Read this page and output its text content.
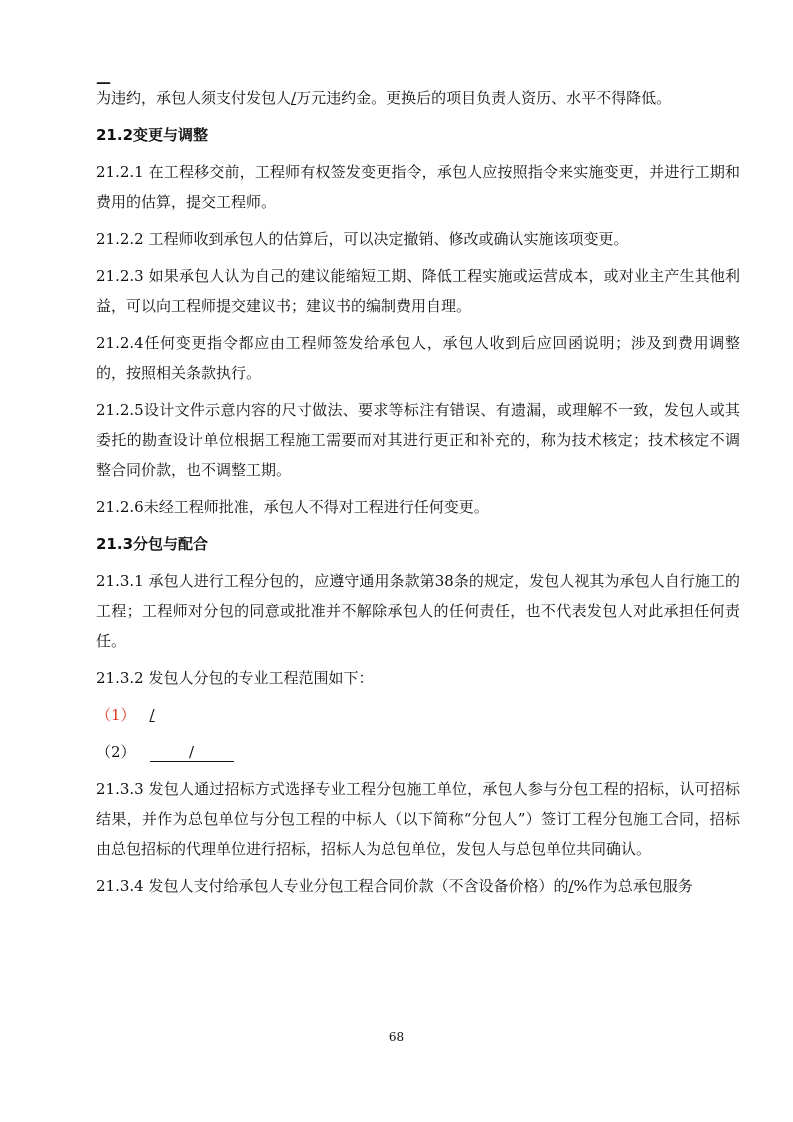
—

为违约，承包人须支付发包人/万元违约金。更换后的项目负责人资历、水平不得降低。

21.2变更与调整

21.2.1 在工程移交前，工程师有权签发变更指令，承包人应按照指令来实施变更，并进行工期和费用的估算，提交工程师。

21.2.2 工程师收到承包人的估算后，可以决定撤销、修改或确认实施该项变更。

21.2.3 如果承包人认为自己的建议能缩短工期、降低工程实施或运营成本，或对业主产生其他利益，可以向工程师提交建议书；建议书的编制费用自理。

21.2.4任何变更指令都应由工程师签发给承包人，承包人收到后应回函说明；涉及到费用调整的，按照相关条款执行。

21.2.5设计文件示意内容的尺寸做法、要求等标注有错误、有遗漏，或理解不一致，发包人或其委托的勘查设计单位根据工程施工需要而对其进行更正和补充的，称为技术核定；技术核定不调整合同价款，也不调整工期。

21.2.6未经工程师批准，承包人不得对工程进行任何变更。

21.3分包与配合

21.3.1 承包人进行工程分包的，应遵守通用条款第38条的规定，发包人视其为承包人自行施工的工程；工程师对分包的同意或批准并不解除承包人的任何责任，也不代表发包人对此承担任何责任。

21.3.2 发包人分包的专业工程范围如下：

（1） /

（2）	/

21.3.3 发包人通过招标方式选择专业工程分包施工单位，承包人参与分包工程的招标，认可招标结果，并作为总包单位与分包工程的中标人（以下简称“分包人”）签订工程分包施工合同，招标由总包招标的代理单位进行招标，招标人为总包单位，发包人与总包单位共同确认。

21.3.4 发包人支付给承包人专业分包工程合同价款（不含设备价格）的/%作为总承包服务

68
